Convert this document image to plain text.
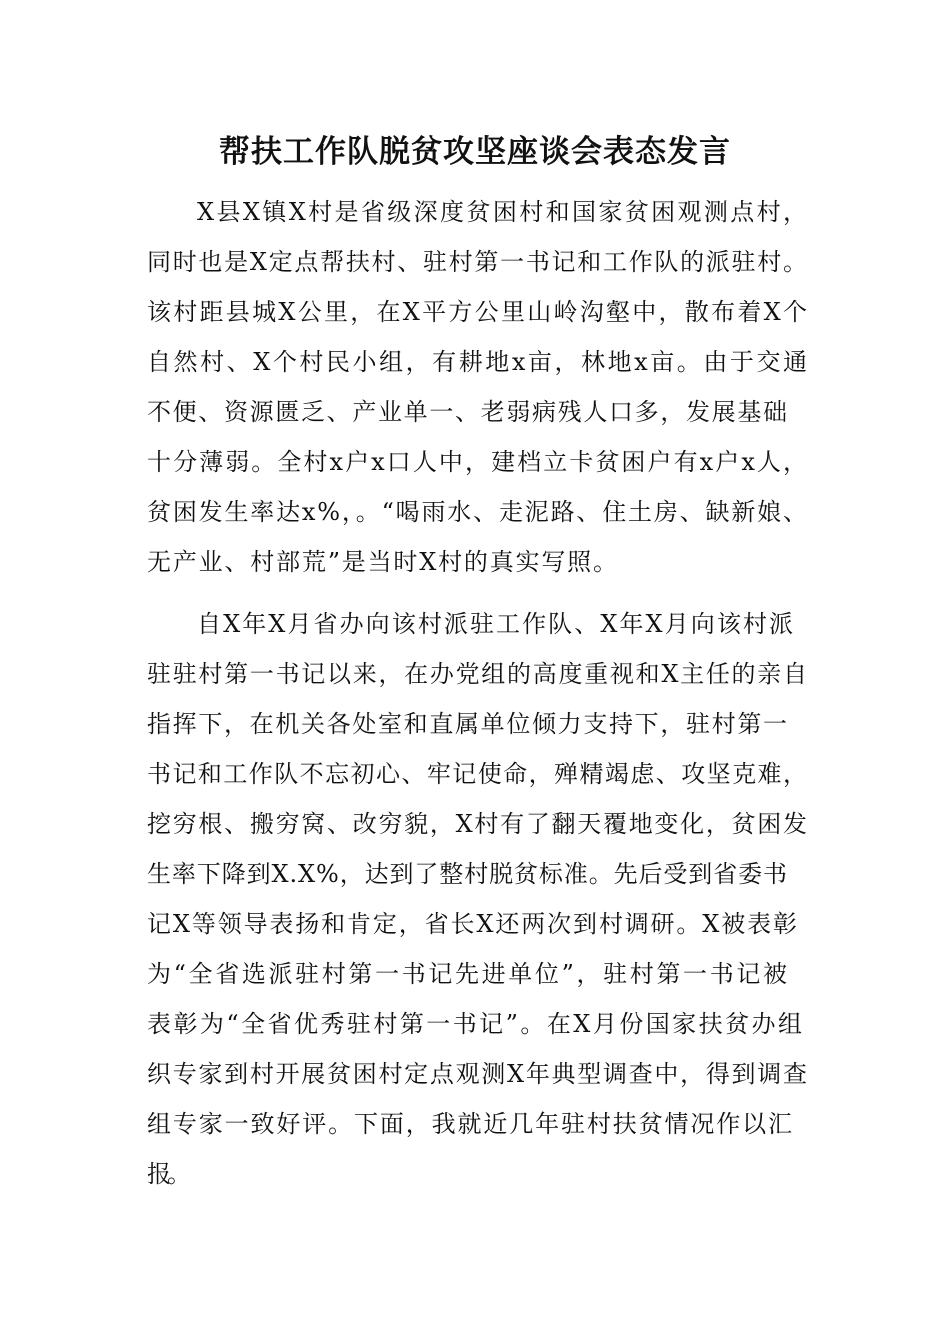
帮扶工作队脱贫攻坚座谈会表态发言
X县X镇X村是省级深度贫困村和国家贫困观测点村，
同时也是X定点帮扶村、驻村第一书记和工作队的派驻村。
该村距县城X公里，在X平方公里山岭沟壑中，散布着X个
自然村、X个村民小组，有耕地x亩，林地x亩。由于交通
不便、资源匮乏、产业单一、老弱病残人口多，发展基础
十分薄弱。全村x户x口人中，建档立卡贫困户有x户x人，
贫困发生率达x%，。“喝雨水、走泥路、住土房、缺新娘、
无产业、村部荒”是当时X村的真实写照。
自X年X月省办向该村派驻工作队、X年X月向该村派
驻驻村第一书记以来，在办党组的高度重视和X主任的亲自
指挥下，在机关各处室和直属单位倾力支持下，驻村第一
书记和工作队不忘初心、牢记使命，殚精竭虑、攻坚克难，
挖穷根、搬穷窝、改穷貌，X村有了翻天覆地变化，贫困发
生率下降到X.X%，达到了整村脱贫标准。先后受到省委书
记X等领导表扬和肯定，省长X还两次到村调研。X被表彰
为“全省选派驻村第一书记先进单位”，驻村第一书记被
表彰为“全省优秀驻村第一书记”。在X月份国家扶贫办组
织专家到村开展贫困村定点观测X年典型调查中，得到调查
组专家一致好评。下面，我就近几年驻村扶贫情况作以汇
报。
